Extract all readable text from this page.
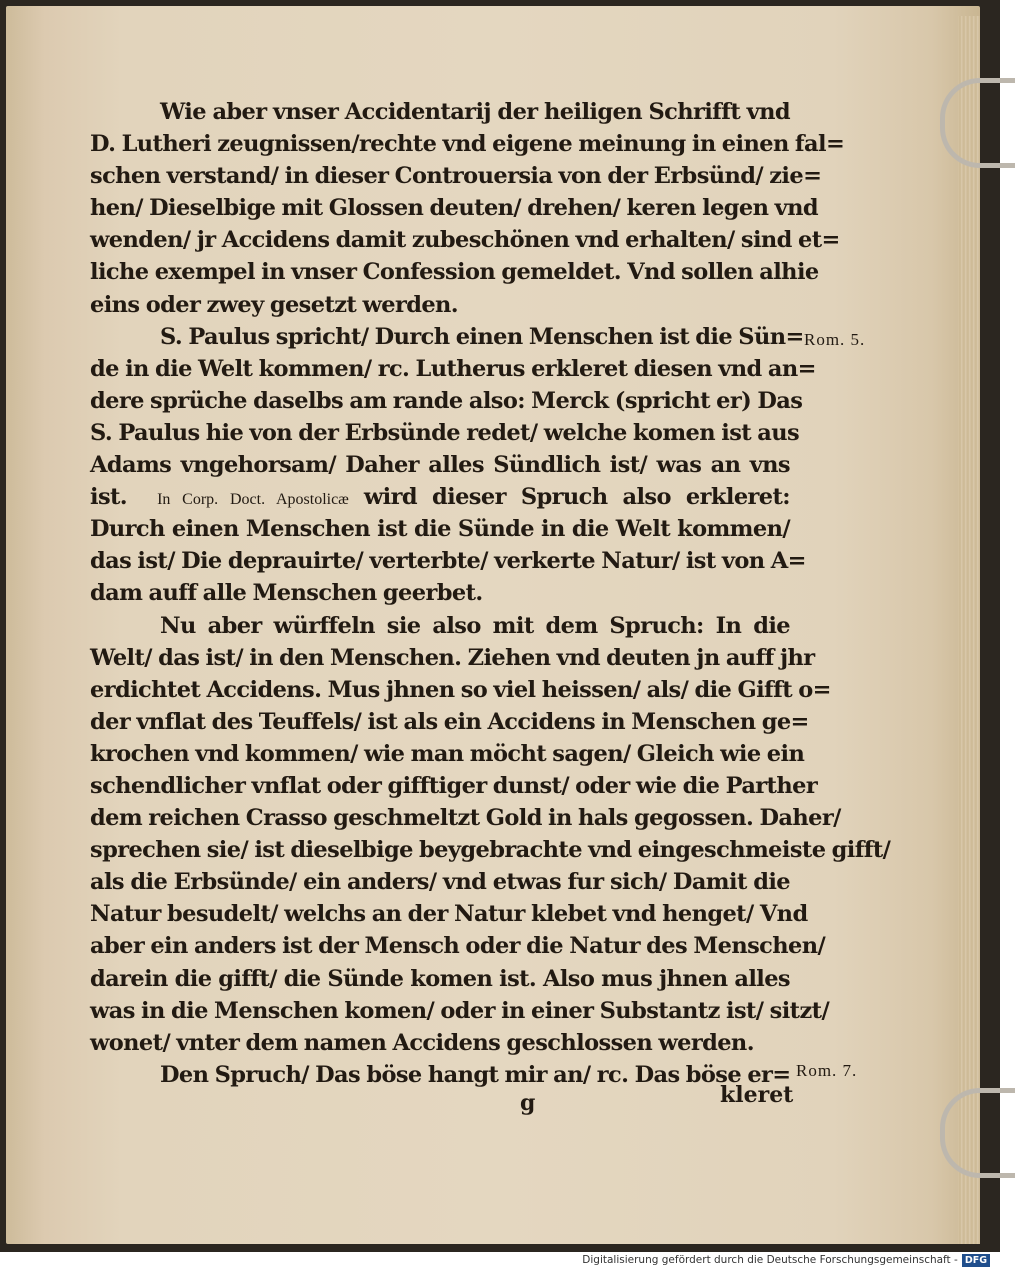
Wie aber vnser Accidentarij der heiligen Schrifft vnd
D. Lutheri zeugnissen/rechte vnd eigene meinung in einen fal=
schen verstand/ in dieser Controuersia von der Erbsünd/ zie=
hen/ Dieselbige mit Glossen deuten/ drehen/ keren legen vnd
wenden/ jr Accidens damit zubeschönen vnd erhalten/ sind et=
liche exempel in vnser Confession gemeldet. Vnd sollen alhie
eins oder zwey gesetzt werden.
S. Paulus spricht/ Durch einen Menschen ist die Sün=
de in die Welt kommen/ rc. Lutherus erkleret diesen vnd an=
dere sprüche daselbs am rande also: Merck (spricht er) Das
S. Paulus hie von der Erbsünde redet/ welche komen ist aus
Adams vngehorsam/ Daher alles Sündlich ist/ was an vns
ist. In Corp. Doct. Apostolicæ wird dieser Spruch also erkleret:
Durch einen Menschen ist die Sünde in die Welt kommen/
das ist/ Die deprauirte/ verterbte/ verkerte Natur/ ist von A=
dam auff alle Menschen geerbet.
Nu aber würffeln sie also mit dem Spruch: In die
Welt/ das ist/ in den Menschen. Ziehen vnd deuten jn auff jhr
erdichtet Accidens. Mus jhnen so viel heissen/ als/ die Gifft o=
der vnflat des Teuffels/ ist als ein Accidens in Menschen ge=
krochen vnd kommen/ wie man möcht sagen/ Gleich wie ein
schendlicher vnflat oder gifftiger dunst/ oder wie die Parther
dem reichen Crasso geschmeltzt Gold in hals gegossen. Daher/
sprechen sie/ ist dieselbige beygebrachte vnd eingeschmeiste gifft/
als die Erbsünde/ ein anders/ vnd etwas fur sich/ Damit die
Natur besudelt/ welchs an der Natur klebet vnd henget/ Vnd
aber ein anders ist der Mensch oder die Natur des Menschen/
darein die gifft/ die Sünde komen ist. Also mus jhnen alles
was in die Menschen komen/ oder in einer Substantz ist/ sitzt/
wonet/ vnter dem namen Accidens geschlossen werden.
Den Spruch/ Das böse hangt mir an/ rc. Das böse er=
Rom. 5.
Rom. 7.
g	kleret
Digitalisierung gefördert durch die Deutsche Forschungsgemeinschaft - DFG
